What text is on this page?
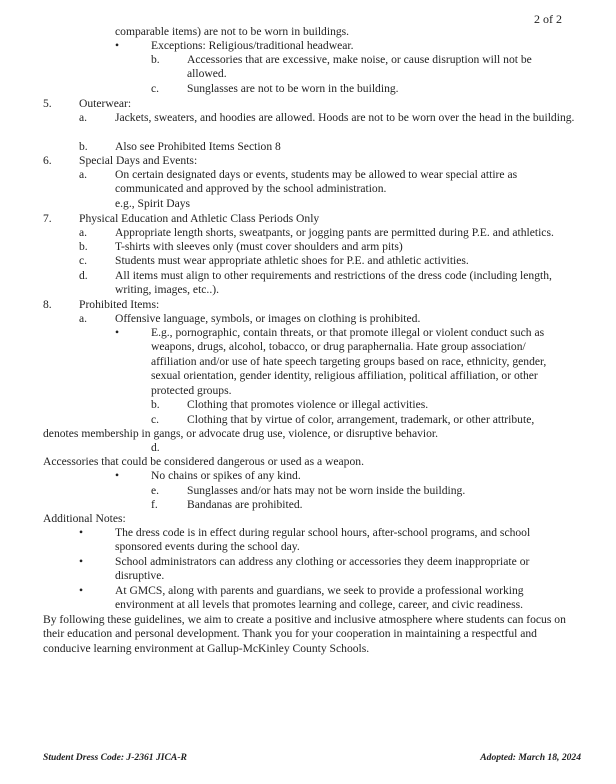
2 of 2
comparable items) are not to be worn in buildings.
•	Exceptions: Religious/traditional headwear.
b. Accessories that are excessive, make noise, or cause disruption will not be allowed.
c. Sunglasses are not to be worn in the building.
5. Outerwear:
a. Jackets, sweaters, and hoodies are allowed. Hoods are not to be worn over the head in the building.
b. Also see Prohibited Items Section 8
6. Special Days and Events:
a. On certain designated days or events, students may be allowed to wear special attire as communicated and approved by the school administration.
e.g., Spirit Days
7. Physical Education and Athletic Class Periods Only
a. Appropriate length shorts, sweatpants, or jogging pants are permitted during P.E. and athletics.
b. T-shirts with sleeves only (must cover shoulders and arm pits)
c. Students must wear appropriate athletic shoes for P.E. and athletic activities.
d. All items must align to other requirements and restrictions of the dress code (including length, writing, images, etc..).
8. Prohibited Items:
a. Offensive language, symbols, or images on clothing is prohibited.
•	E.g., pornographic, contain threats, or that promote illegal or violent conduct such as weapons, drugs, alcohol, tobacco, or drug paraphernalia. Hate group association/ affiliation and/or use of hate speech targeting groups based on race, ethnicity, gender, sexual orientation, gender identity, religious affiliation, political affiliation, or other protected groups.
b. Clothing that promotes violence or illegal activities.
c. Clothing that by virtue of color, arrangement, trademark, or other attribute,
denotes membership in gangs, or advocate drug use, violence, or disruptive behavior.
d.
Accessories that could be considered dangerous or used as a weapon.
•	No chains or spikes of any kind.
e. Sunglasses and/or hats may not be worn inside the building.
f.	Bandanas are prohibited.
Additional Notes:
•	The dress code is in effect during regular school hours, after-school programs, and school sponsored events during the school day.
•	School administrators can address any clothing or accessories they deem inappropriate or disruptive.
•	At GMCS, along with parents and guardians, we seek to provide a professional working environment at all levels that promotes learning and college, career, and civic readiness.
By following these guidelines, we aim to create a positive and inclusive atmosphere where students can focus on their education and personal development. Thank you for your cooperation in maintaining a respectful and conducive learning environment at Gallup-McKinley County Schools.
Student Dress Code: J-2361 JICA-R	Adopted: March 18, 2024
